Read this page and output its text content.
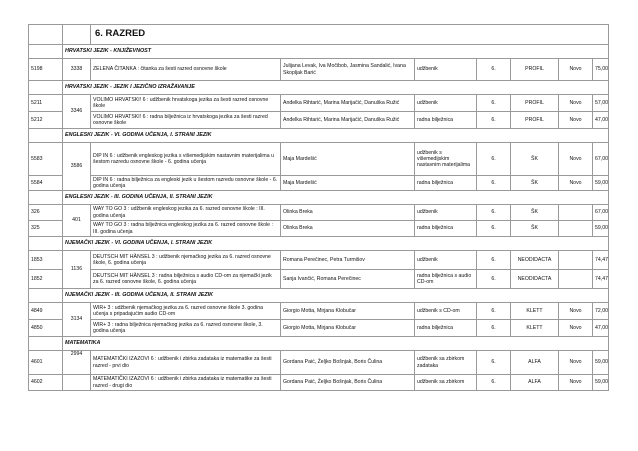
		6. RAZRED						
	HRVATSKI JEZIK - KNJIŽEVNOST							
5198	3338	ZELENA ČITANKA : čitanka za šesti razred osnovne škole	Julijana Levak, Iva Močibob, Jasmina Sandalić, Ivana Skopljak Barić	udžbenik	6.	PROFIL	Novo	75,00
	HRVATSKI JEZIK - JEZIK I JEZIČNO IZRAŽAVANJE							
5211	3346	VOLIMO HRVATSKI! 6 : udžbenik hrvatskoga jezika za šesti razred osnovne škole	Anđelka Rihtarić, Marina Marijačić, Danuška Ružić	udžbenik	6.	PROFIL	Novo	57,00
5212		VOLIMO HRVATSKI! 6 : radna bilježnica iz hrvatskoga jezika za šesti razred osnovne škole	Anđelka Rihtarić, Marina Marijačić, Danuška Ružić	radna bilježnica	6.	PROFIL	Novo	47,00
	ENGLESKI JEZIK - VI. GODINA UČENJA, I. STRANI JEZIK							
5583	3586	DIP IN 6 : udžbenik engleskog jezika s višemedijskim nastavnim materijalima u šestom razredu osnovne škole - 6. godina učenja	Maja Mardešić	udžbenik s višemedijskim nastavnim materijalima	6.	ŠK	Novo	67,00
5584		DIP IN 6 : radna bilježnica za engleski jezik u šestom razredu osnovne škole - 6. godina učenja	Maja Mardešić	radna bilježnica	6.	ŠK	Novo	59,00
	ENGLESKI JEZIK - III. GODINA UČENJA, II. STRANI JEZIK							
326	401	WAY TO GO 3 : udžbenik engleskog jezika za 6. razred osnovne škole : III. godina učenja	Olinka Breka	udžbenik	6.	ŠK		67,00
325		WAY TO GO 3 : radna bilježnica engleskog jezika za 6. razred osnovne škole : III. godina učenja	Olinka Breka	radna bilježnica	6.	ŠK		59,00
	NJEMAČKI JEZIK - VI. GODINA UČENJA, I. STRANI JEZIK							
1853	1136	DEUTSCH MIT HÄNSEL 3 : udžbenik njemačkog jezika za 6. razred osnovne škole, 6. godina učenja	Romana Perečinec, Petra Turmišov	udžbenik	6.	NEODIDACTA		74,47
1852		DEUTSCH MIT HÄNSEL 3 : radna bilježnica s audio CD-om za njemački jezik za 6. razred osnovne škole, 6. godina učenja	Sanja Ivančić, Romana Perečinec	radna bilježnica s audio CD-om	6.	NEODIDACTA		74,47
	NJEMAČKI JEZIK - III. GODINA UČENJA, II. STRANI JEZIK							
4849	3134	WIR+ 3 : udžbenik njemačkog jezika za 6. razred osnovne škole 3. godina učenja s pripadajućim audio CD-om	Giorgio Motta, Mirjana Klobučar	udžbenik s CD-om	6.	KLETT	Novo	72,00
4850		WIR+ 3 : radna bilježnica njemačkog jezika za 6. razred osnovne škole, 3. godina učenja	Giorgio Motta, Mirjana Klobučar	radna bilježnica	6.	KLETT	Novo	47,00
	MATEMATIKA							
4601	2994	MATEMATIČKI IZAZOVI 6 : udžbenik i zbirka zadataka iz matematike za šesti razred - prvi dio	Gordana Paić, Željko Bošnjak, Boris Čulina	udžbenik sa zbirkom zadataka	6.	ALFA	Novo	59,00
4602		MATEMATIČKI IZAZOVI 6 : udžbenik i zbirka zadataka iz matematike za šesti razred - drugi dio	Gordana Paić, Željko Bošnjak, Boris Čulina	udžbenik sa zbirkom	6.	ALFA	Novo	59,00
